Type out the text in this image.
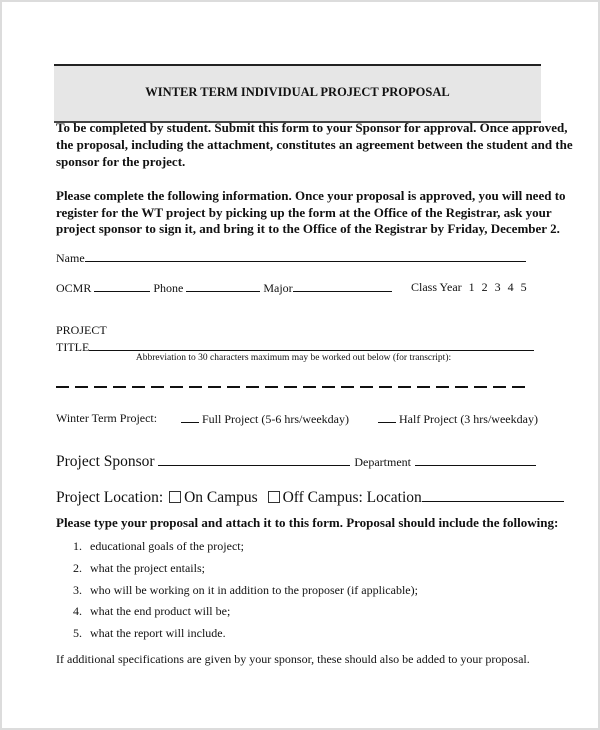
WINTER TERM INDIVIDUAL PROJECT PROPOSAL
To be completed by student. Submit this form to your Sponsor for approval. Once approved,
the proposal, including the attachment, constitutes an agreement between the student and the
sponsor for the project.
Please complete the following information. Once your proposal is approved, you will need to
register for the WT project by picking up the form at the Office of the Registrar, ask your
project sponsor to sign it, and bring it to the Office of the Registrar by Friday, December 2.
Name
OCMR	Phone	Major	Class Year 1 2 3 4 5
PROJECT
TITLE
Abbreviation to 30 characters maximum may be worked out below (for transcript):
Winter Term Project:	Full Project (5-6 hrs/weekday)	Half Project (3 hrs/weekday)
Project Sponsor	Department
Project Location: On Campus Off Campus: Location
Please type your proposal and attach it to this form. Proposal should include the following:
1. educational goals of the project;
2. what the project entails;
3. who will be working on it in addition to the proposer (if applicable);
4. what the end product will be;
5. what the report will include.
If additional specifications are given by your sponsor, these should also be added to your proposal.
